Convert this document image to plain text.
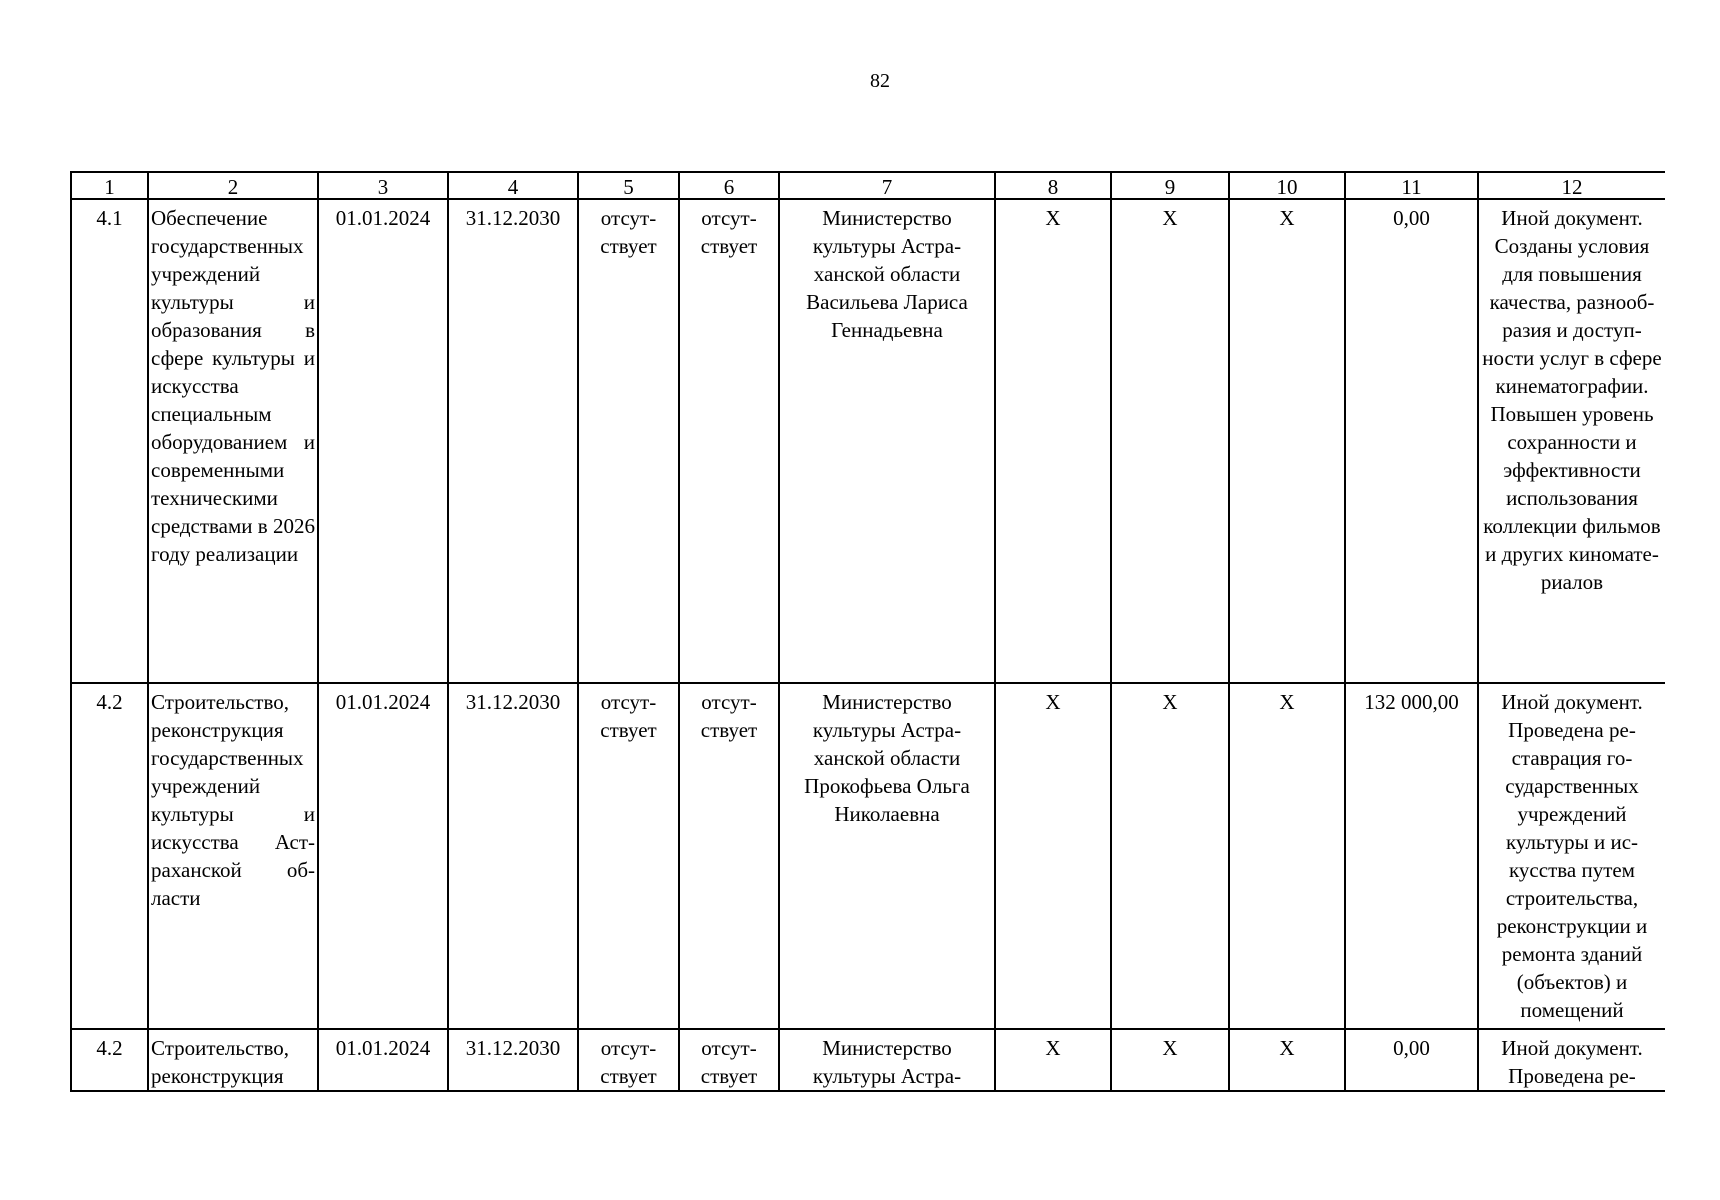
82
1	2	3	4	5	6	7	8	9	10	11	12
4.1	Обеспечение государственных учреждений культуры и образования в сфере культуры и искусства специальным оборудованием и современными техническими средствами в 2026 году реализации	01.01.2024	31.12.2030	отсутствует	отсутствует	Министерство культуры Астраханской области Васильева Лариса Геннадьевна	X	X	X	0,00	Иной документ. Созданы условия для повышения качества, разнообразия и доступности услуг в сфере кинематографии. Повышен уровень сохранности и эффективности использования коллекции фильмов и других киноматериалов
4.2	Строительство, реконструкция государственных учреждений культуры и искусства Астраханской области	01.01.2024	31.12.2030	отсутствует	отсутствует	Министерство культуры Астраханской области Прокофьева Ольга Николаевна	X	X	X	132 000,00	Иной документ. Проведена реставрация государственных учреждений культуры и искусства путем строительства, реконструкции и ремонта зданий (объектов) и помещений
4.2	Строительство, реконструкция	01.01.2024	31.12.2030	отсутствует	отсутствует	Министерство культуры Астра-	X	X	X	0,00	Иной документ. Проведена ре-
